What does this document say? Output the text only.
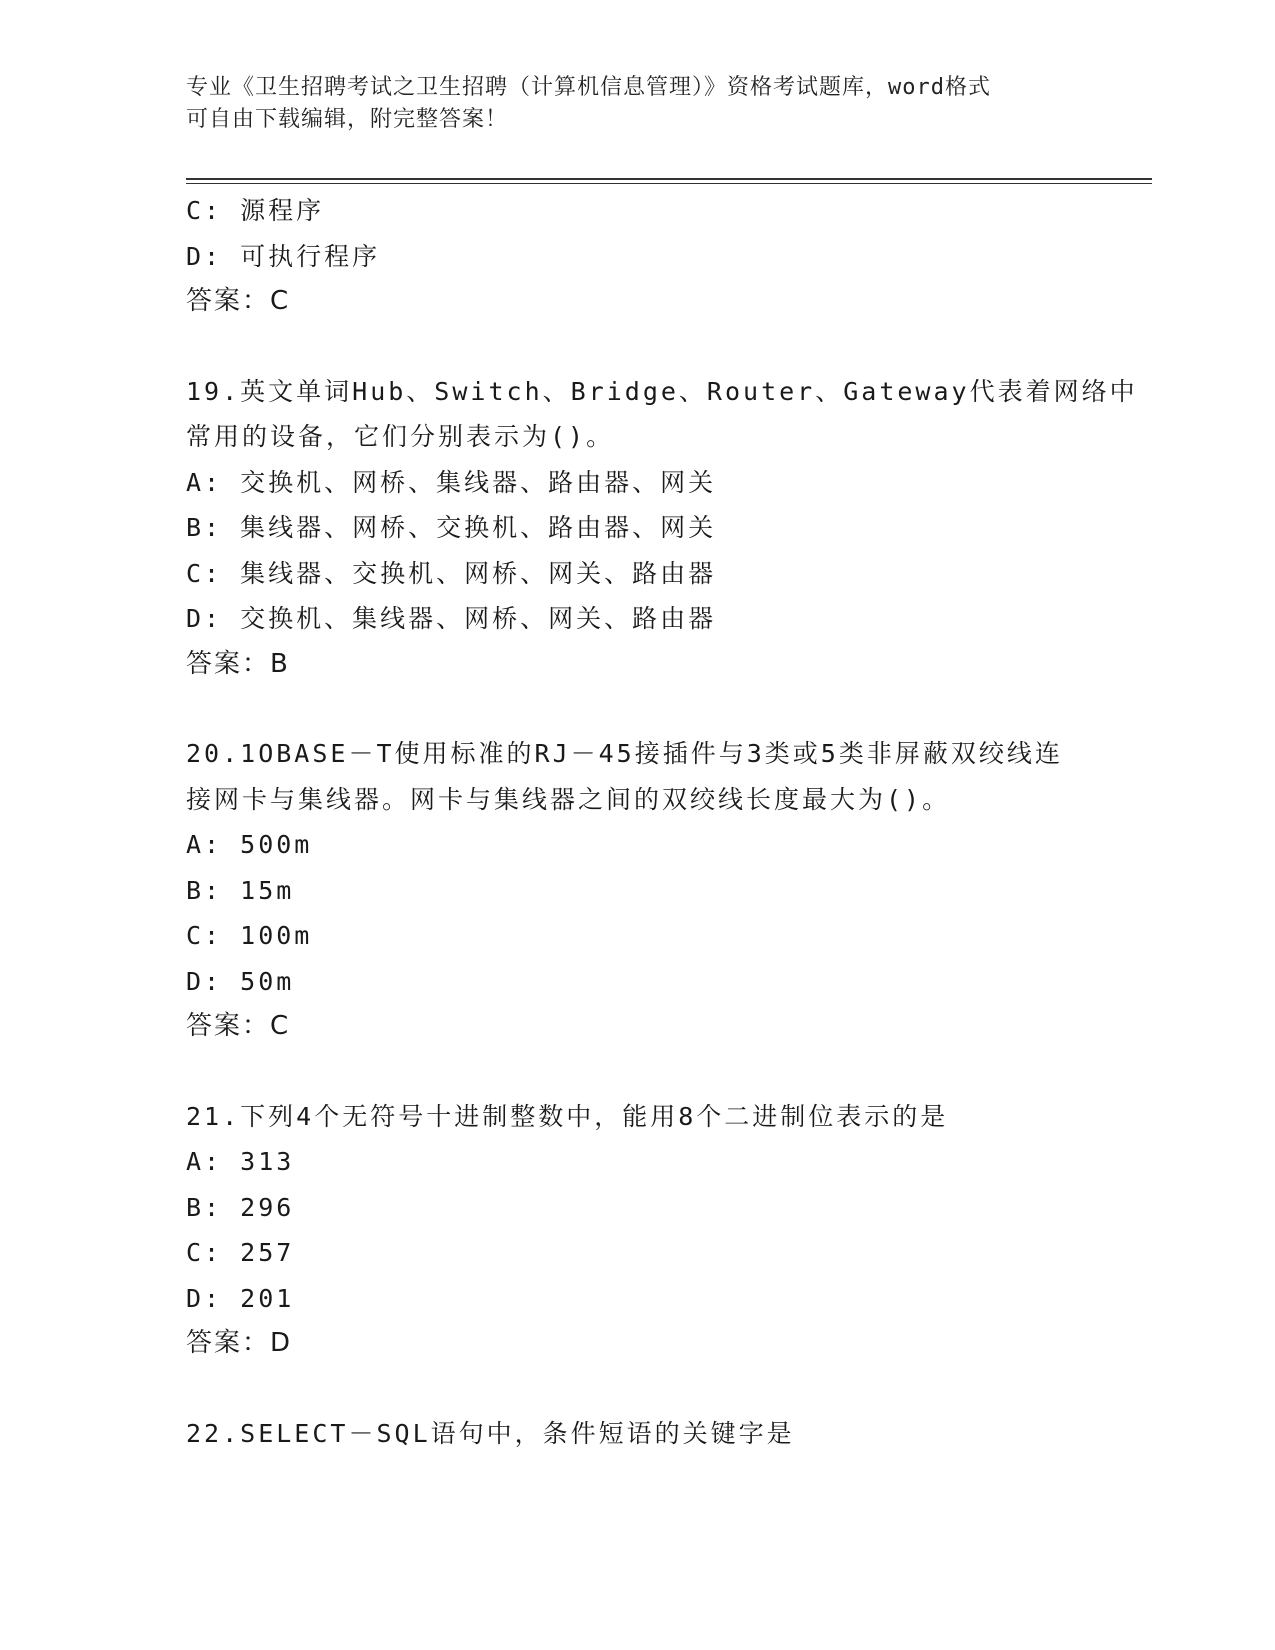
专业《卫生招聘考试之卫生招聘（计算机信息管理）》资格考试题库，word格式
可自由下载编辑，附完整答案！
C: 源程序
D: 可执行程序
答案：C
19.英文单词Hub、Switch、Bridge、Router、Gateway代表着网络中
常用的设备，它们分别表示为()。
A: 交换机、网桥、集线器、路由器、网关
B: 集线器、网桥、交换机、路由器、网关
C: 集线器、交换机、网桥、网关、路由器
D: 交换机、集线器、网桥、网关、路由器
答案：B
20.1OBASE－T使用标准的RJ－45接插件与3类或5类非屏蔽双绞线连
接网卡与集线器。网卡与集线器之间的双绞线长度最大为()。
A: 500m
B: 15m
C: 100m
D: 50m
答案：C
21.下列4个无符号十进制整数中，能用8个二进制位表示的是
A: 313
B: 296
C: 257
D: 201
答案：D
22.SELECT－SQL语句中，条件短语的关键字是
